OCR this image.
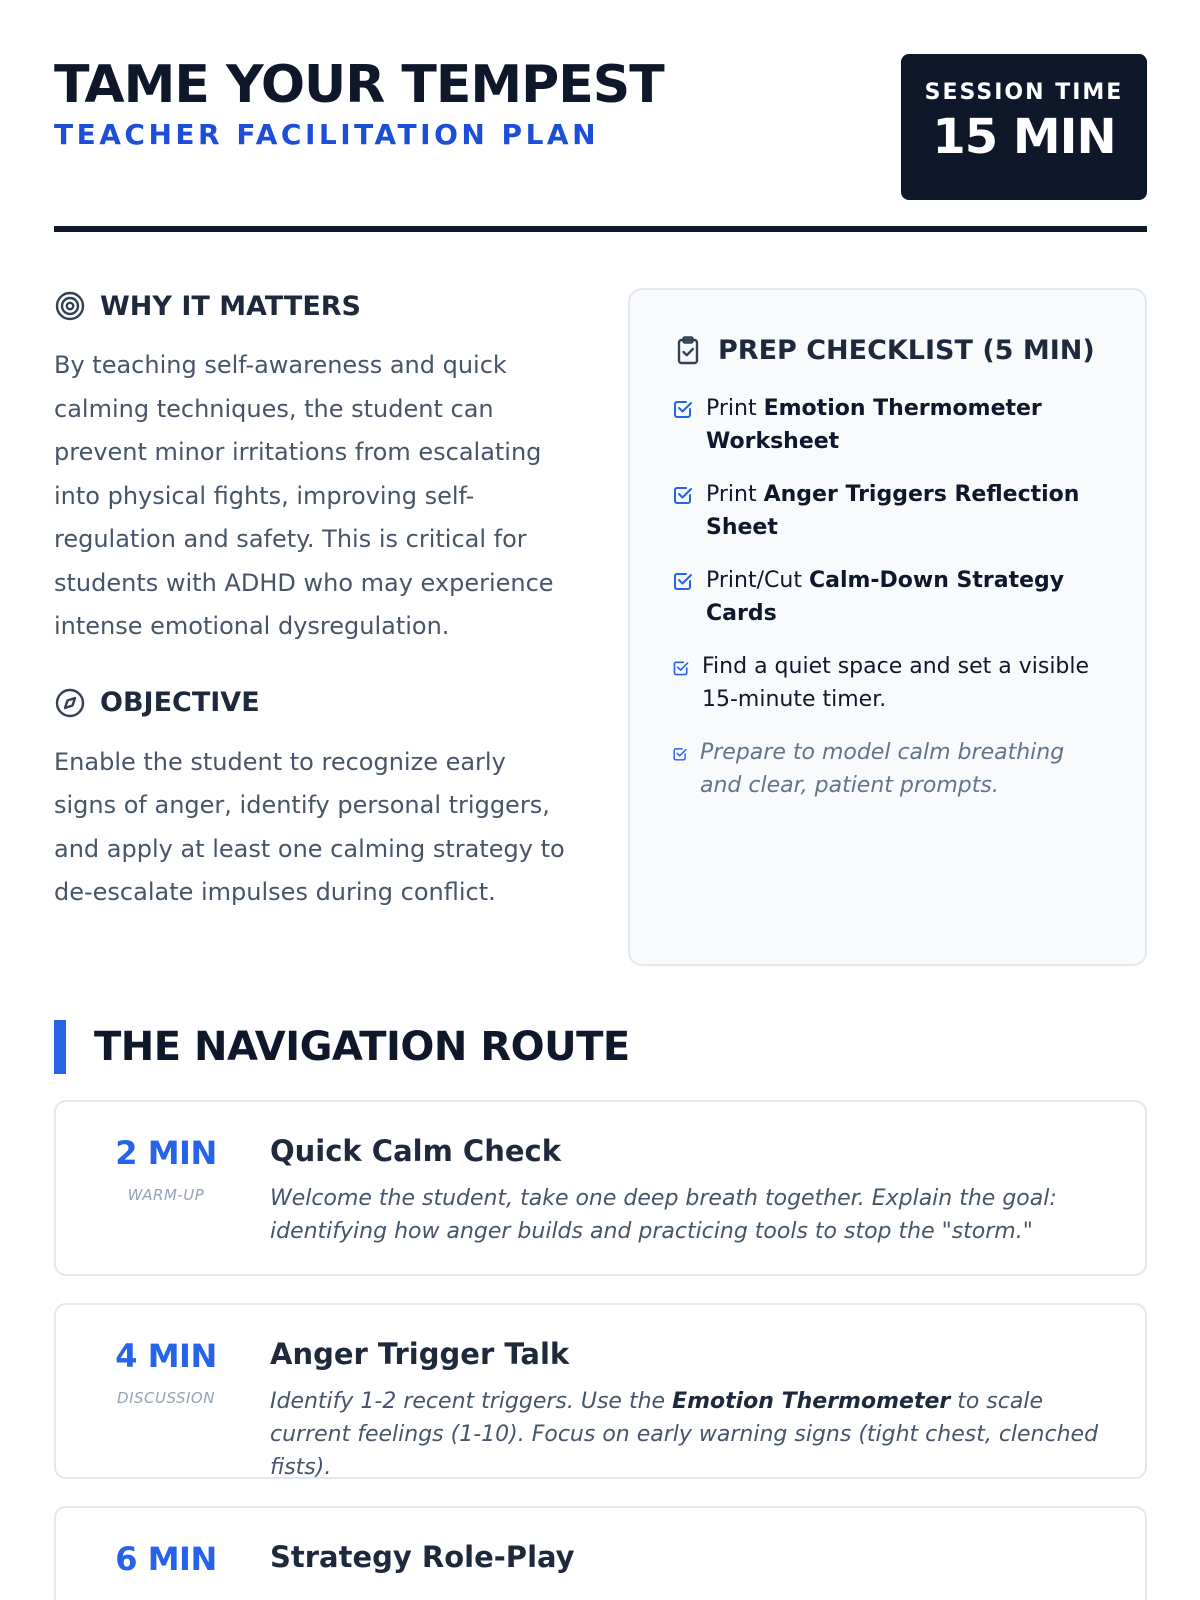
TAME YOUR TEMPEST
TEACHER FACILITATION PLAN
SESSION TIME
15 MIN
WHY IT MATTERS

By teaching self-awareness and quick calming techniques, the student can prevent minor irritations from escalating into physical fights, improving self-regulation and safety. This is critical for students with ADHD who may experience intense emotional dysregulation.

OBJECTIVE

Enable the student to recognize early signs of anger, identify personal triggers, and apply at least one calming strategy to de-escalate impulses during conflict.

PREP CHECKLIST (5 MIN)
Print Emotion Thermometer Worksheet
Print Anger Triggers Reflection Sheet
Print/Cut Calm-Down Strategy Cards
Find a quiet space and set a visible 15-minute timer.
Prepare to model calm breathing and clear, patient prompts.
THE NAVIGATION ROUTE
2 MIN
WARM-UP
Quick Calm Check
Welcome the student, take one deep breath together. Explain the goal: identifying how anger builds and practicing tools to stop the "storm."
4 MIN
DISCUSSION
Anger Trigger Talk
Identify 1-2 recent triggers. Use the Emotion Thermometer to scale current feelings (1-10). Focus on early warning signs (tight chest, clenched fists).
6 MIN	Strategy Role-Play
